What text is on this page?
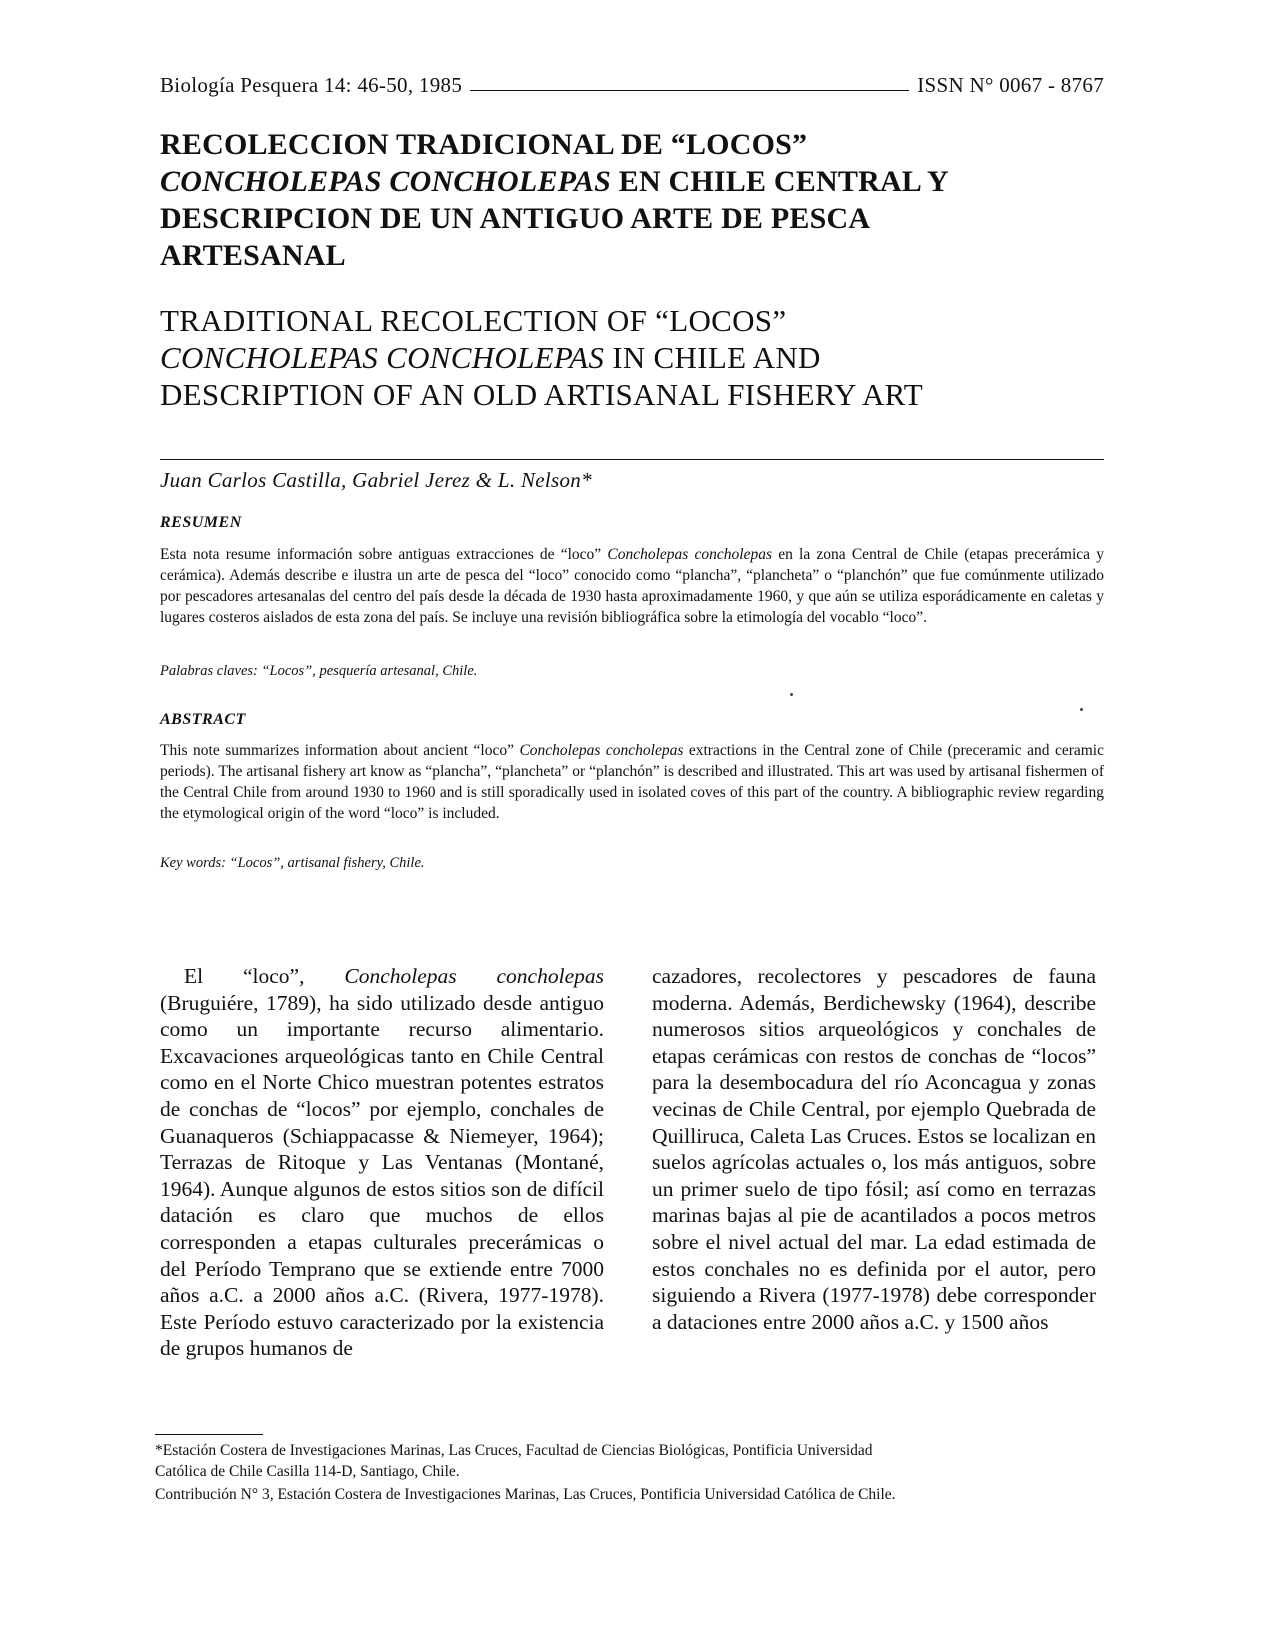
Biología Pesquera 14: 46-50, 1985	ISSN N° 0067 - 8767
RECOLECCION TRADICIONAL DE “LOCOS”
CONCHOLEPAS CONCHOLEPAS EN CHILE CENTRAL Y
DESCRIPCION DE UN ANTIGUO ARTE DE PESCA
ARTESANAL
TRADITIONAL RECOLECTION OF “LOCOS”
CONCHOLEPAS CONCHOLEPAS IN CHILE AND
DESCRIPTION OF AN OLD ARTISANAL FISHERY ART
Juan Carlos Castilla, Gabriel Jerez & L. Nelson*
RESUMEN
Esta nota resume información sobre antiguas extracciones de “loco” Concholepas concholepas en la zona Central de Chile (etapas precerámica y cerámica). Además describe e ilustra un arte de pesca del “loco” conocido como “plancha”, “plancheta” o “planchón” que fue comúnmente utilizado por pescadores artesanalas del centro del país desde la década de 1930 hasta aproximadamente 1960, y que aún se utiliza esporádicamente en caletas y lugares costeros aislados de esta zona del país. Se incluye una revisión bibliográfica sobre la etimología del vocablo “loco”.
Palabras claves: “Locos”, pesquería artesanal, Chile.
ABSTRACT
This note summarizes information about ancient “loco” Concholepas concholepas extractions in the Central zone of Chile (preceramic and ceramic periods). The artisanal fishery art know as “plancha”, “plancheta” or “planchón” is described and illustrated. This art was used by artisanal fishermen of the Central Chile from around 1930 to 1960 and is still sporadically used in isolated coves of this part of the country. A bibliographic review regarding the etymological origin of the word “loco” is included.
Key words: “Locos”, artisanal fishery, Chile.
El “loco”, Concholepas concholepas (Bruguiére, 1789), ha sido utilizado desde antiguo como un importante recurso alimentario. Excavaciones arqueológicas tanto en Chile Central como en el Norte Chico muestran potentes estratos de conchas de “locos” por ejemplo, conchales de Guanaqueros (Schiappacasse & Niemeyer, 1964); Terrazas de Ritoque y Las Ventanas (Montané, 1964). Aunque algunos de estos sitios son de difícil datación es claro que muchos de ellos corresponden a etapas culturales precerámicas o del Período Temprano que se extiende entre 7000 años a.C. a 2000 años a.C. (Rivera, 1977-1978). Este Período estuvo caracterizado por la existencia de grupos humanos de
cazadores, recolectores y pescadores de fauna moderna. Además, Berdichewsky (1964), describe numerosos sitios arqueológicos y conchales de etapas cerámicas con restos de conchas de “locos” para la desembocadura del río Aconcagua y zonas vecinas de Chile Central, por ejemplo Quebrada de Quilliruca, Caleta Las Cruces. Estos se localizan en suelos agrícolas actuales o, los más antiguos, sobre un primer suelo de tipo fósil; así como en terrazas marinas bajas al pie de acantilados a pocos metros sobre el nivel actual del mar. La edad estimada de estos conchales no es definida por el autor, pero siguiendo a Rivera (1977-1978) debe corresponder a dataciones entre 2000 años a.C. y 1500 años
*Estación Costera de Investigaciones Marinas, Las Cruces, Facultad de Ciencias Biológicas, Pontificia Universidad
Católica de Chile Casilla 114-D, Santiago, Chile.
Contribución N° 3, Estación Costera de Investigaciones Marinas, Las Cruces, Pontificia Universidad Católica de Chile.
